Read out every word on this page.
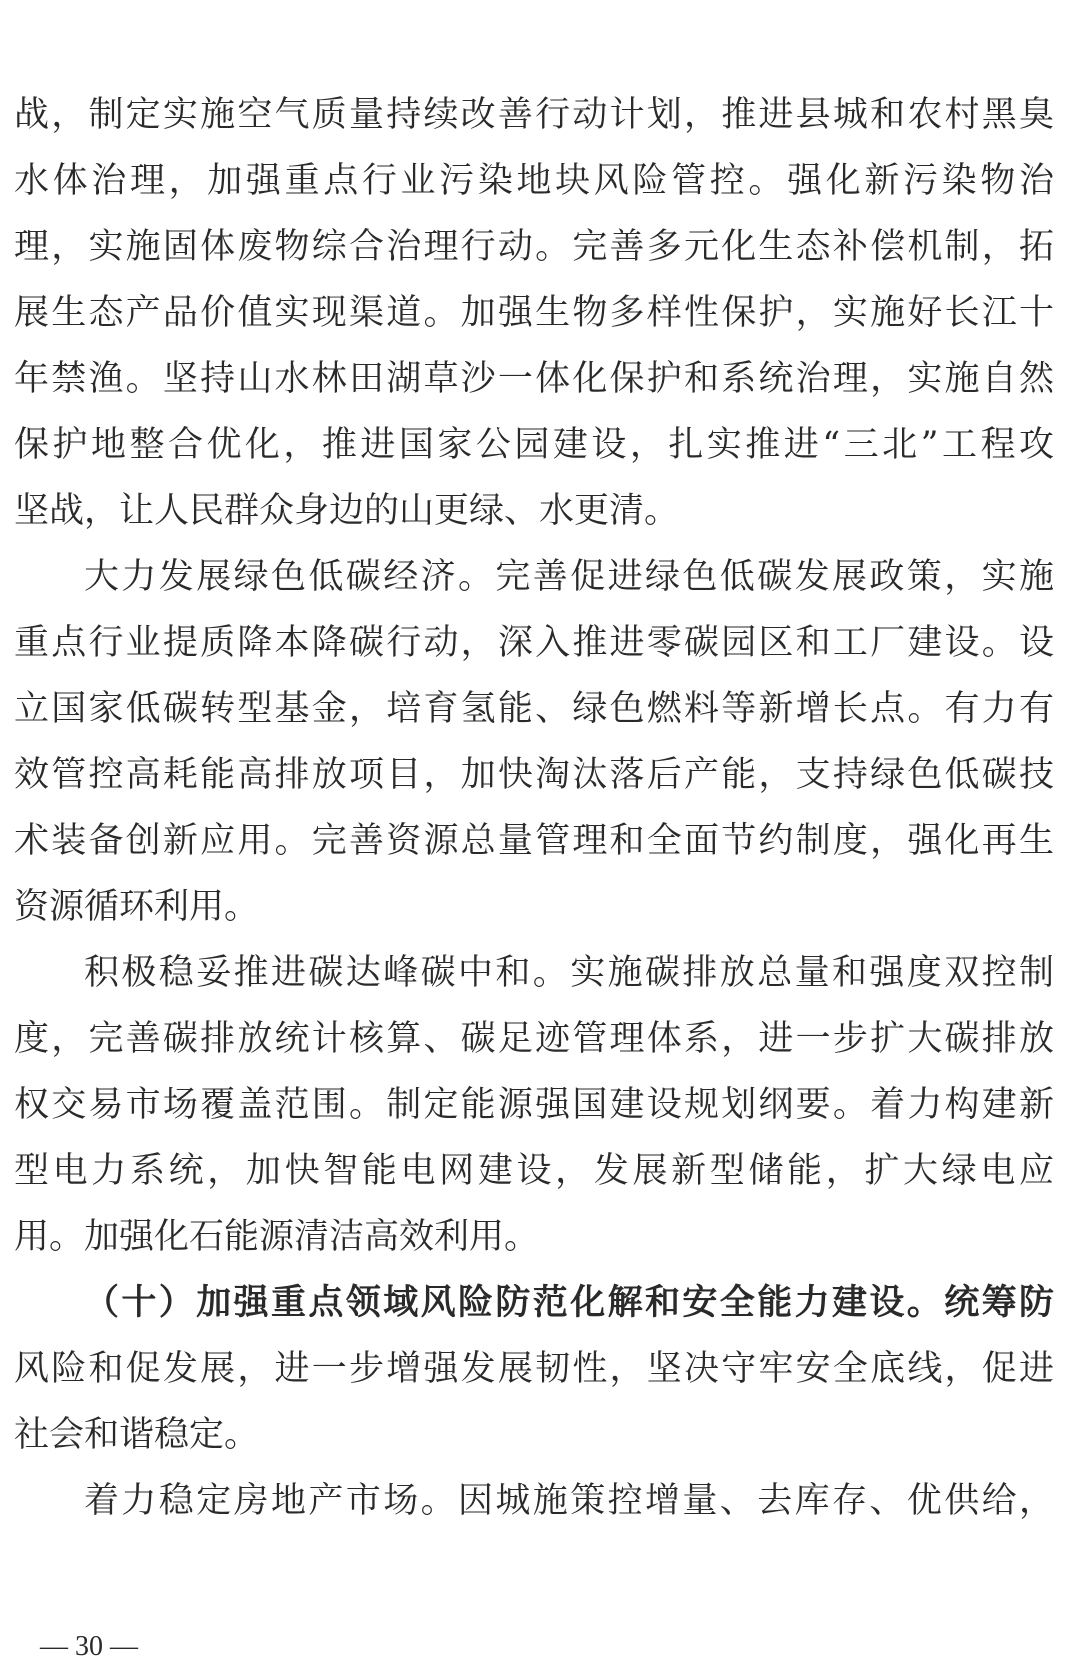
战，制定实施空气质量持续改善行动计划，推进县城和农村黑臭
水体治理，加强重点行业污染地块风险管控。强化新污染物治
理，实施固体废物综合治理行动。完善多元化生态补偿机制，拓
展生态产品价值实现渠道。加强生物多样性保护，实施好长江十
年禁渔。坚持山水林田湖草沙一体化保护和系统治理，实施自然
保护地整合优化，推进国家公园建设，扎实推进“三北”工程攻
坚战，让人民群众身边的山更绿、水更清。
大力发展绿色低碳经济。完善促进绿色低碳发展政策，实施
重点行业提质降本降碳行动，深入推进零碳园区和工厂建设。设
立国家低碳转型基金，培育氢能、绿色燃料等新增长点。有力有
效管控高耗能高排放项目，加快淘汰落后产能，支持绿色低碳技
术装备创新应用。完善资源总量管理和全面节约制度，强化再生
资源循环利用。
积极稳妥推进碳达峰碳中和。实施碳排放总量和强度双控制
度，完善碳排放统计核算、碳足迹管理体系，进一步扩大碳排放
权交易市场覆盖范围。制定能源强国建设规划纲要。着力构建新
型电力系统，加快智能电网建设，发展新型储能，扩大绿电应
用。加强化石能源清洁高效利用。
（十）加强重点领域风险防范化解和安全能力建设。统筹防
风险和促发展，进一步增强发展韧性，坚决守牢安全底线，促进
社会和谐稳定。
着力稳定房地产市场。因城施策控增量、去库存、优供给，
— 30 —
